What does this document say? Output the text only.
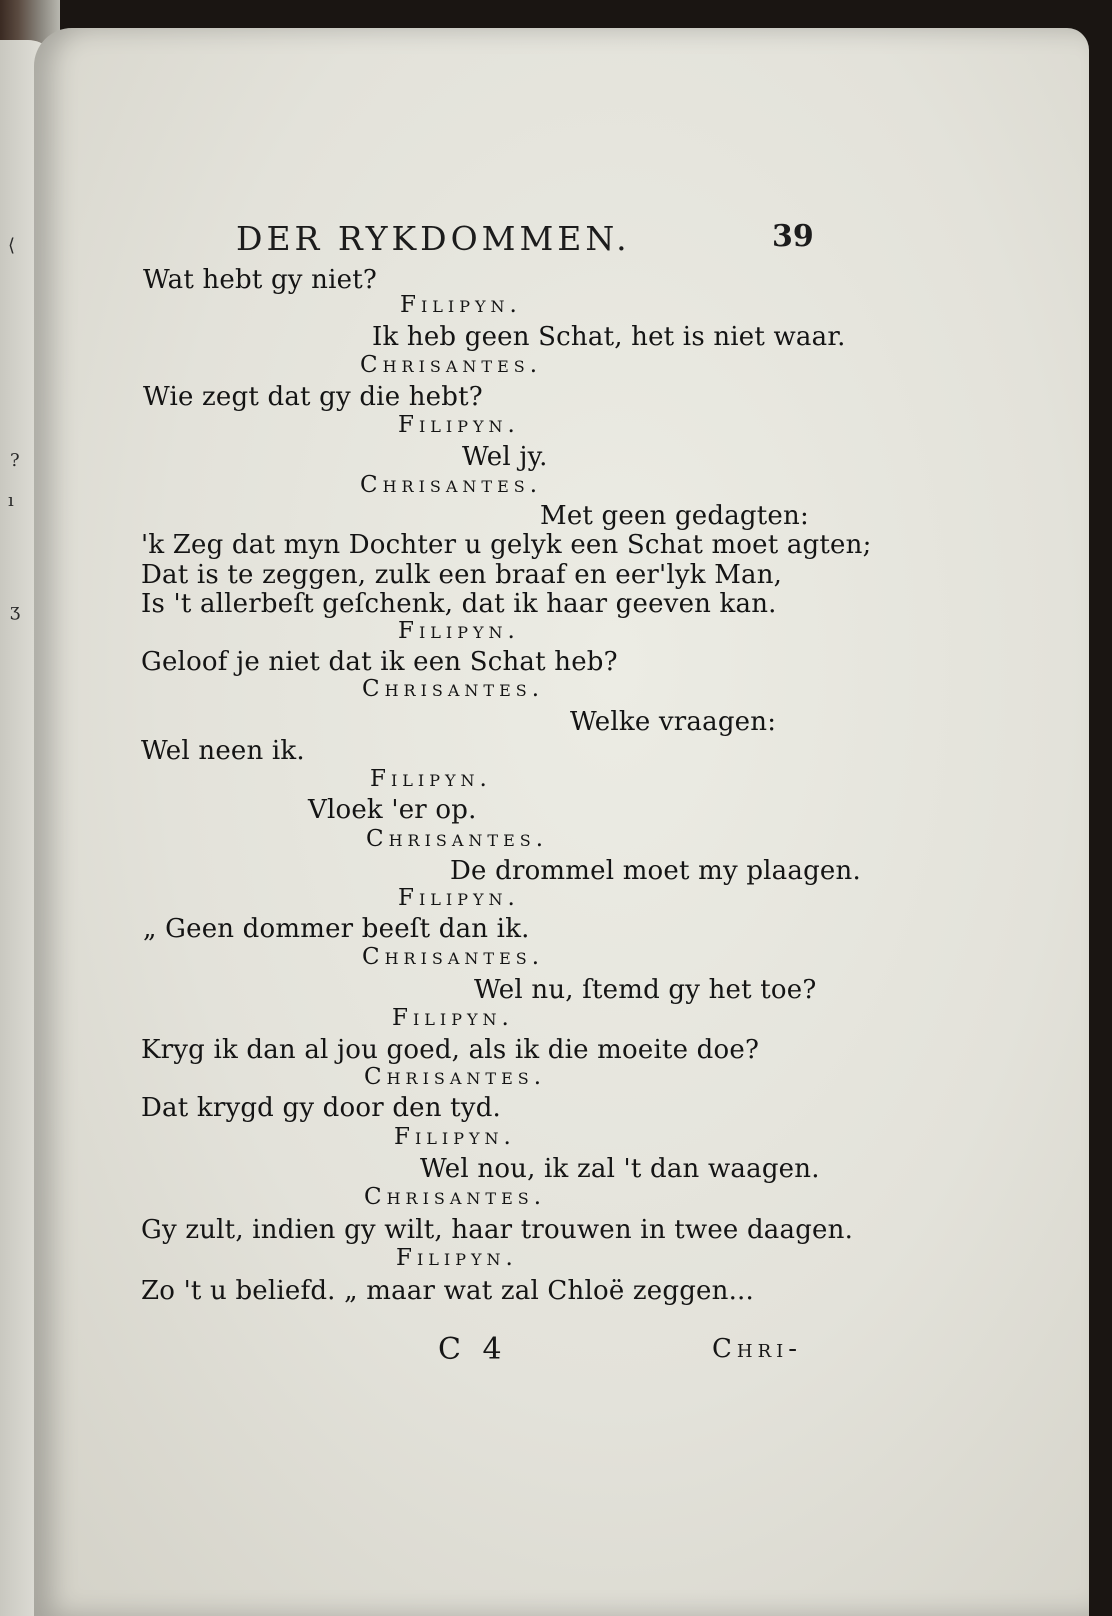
⟨
?
ı
ʒ
DER RYKDOMMEN.	39
Wat hebt gy niet?
Filipyn.
Ik heb geen Schat, het is niet waar.
Chrisantes.
Wie zegt dat gy die hebt?
Filipyn.
Wel jy.
Chrisantes.
Met geen gedagten:
'k Zeg dat myn Dochter u gelyk een Schat moet agten;
Dat is te zeggen, zulk een braaf en eer'lyk Man,
Is 't allerbeſt geſchenk, dat ik haar geeven kan.
Filipyn.
Geloof je niet dat ik een Schat heb?
Chrisantes.
Welke vraagen:
Wel neen ik.
Filipyn.
Vloek 'er op.
Chrisantes.
De drommel moet my plaagen.
Filipyn.
„ Geen dommer beeſt dan ik.
Chrisantes.
Wel nu, ſtemd gy het toe?
Filipyn.
Kryg ik dan al jou goed, als ik die moeite doe?
Chrisantes.
Dat krygd gy door den tyd.
Filipyn.
Wel nou, ik zal 't dan waagen.
Chrisantes.
Gy zult, indien gy wilt, haar trouwen in twee daagen.
Filipyn.
Zo 't u beliefd. „ maar wat zal Chloë zeggen...
C 4	Chri-
